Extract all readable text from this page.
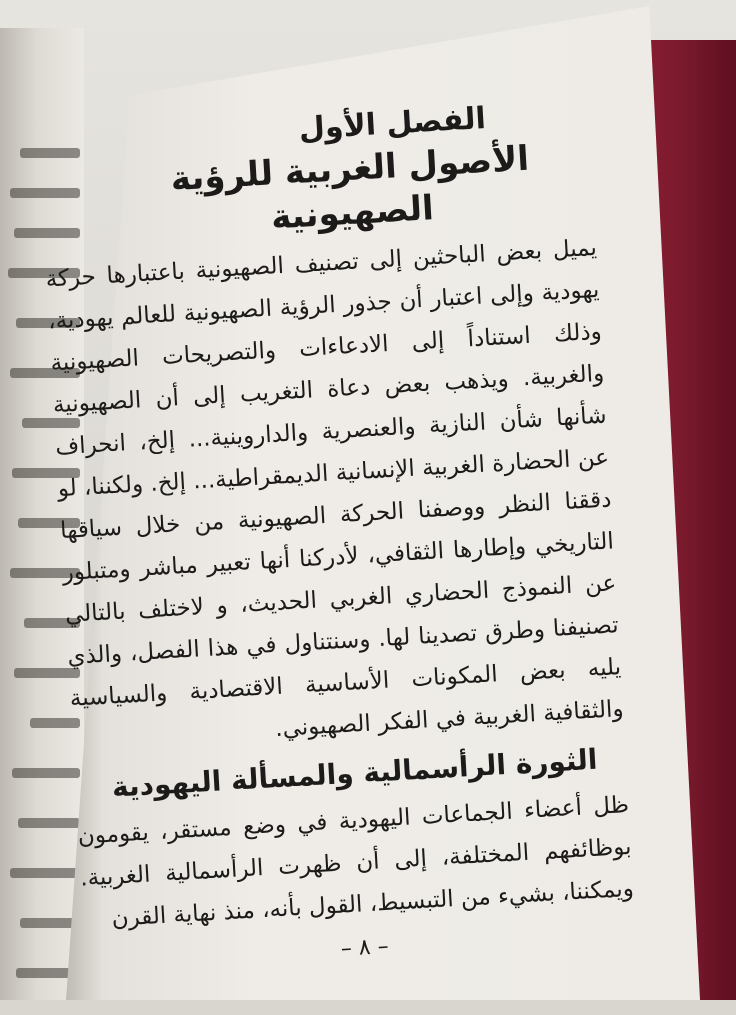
الفصل الأول
الأصول الغربية للرؤية الصهيونية

يميل بعض الباحثين إلى تصنيف الصهيونية باعتبارها حركة يهودية وإلى اعتبار أن جذور الرؤية الصهيونية للعالم يهودية، وذلك استناداً إلى الادعاءات والتصريحات الصهيونية والغربية. ويذهب بعض دعاة التغريب إلى أن الصهيونية شأنها شأن النازية والعنصرية والداروينية... إلخ، انحراف عن الحضارة الغربية الإنسانية الديمقراطية... إلخ. ولكننا، لو دققنا النظر ووصفنا الحركة الصهيونية من خلال سياقها التاريخي وإطارها الثقافي، لأدركنا أنها تعبير مباشر ومتبلور عن النموذج الحضاري الغربي الحديث، و لاختلف بالتالي تصنيفنا وطرق تصدينا لها. وسنتناول في هذا الفصل، والذي يليه بعض المكونات الأساسية الاقتصادية والسياسية والثقافية الغربية في الفكر الصهيوني.

الثورة الرأسمالية والمسألة اليهودية

ظل أعضاء الجماعات اليهودية في وضع مستقر، يقومون بوظائفهم المختلفة، إلى أن ظهرت الرأسمالية الغربية. ويمكننا، بشيء من التبسيط، القول بأنه، منذ نهاية القرن

– ٨ –
